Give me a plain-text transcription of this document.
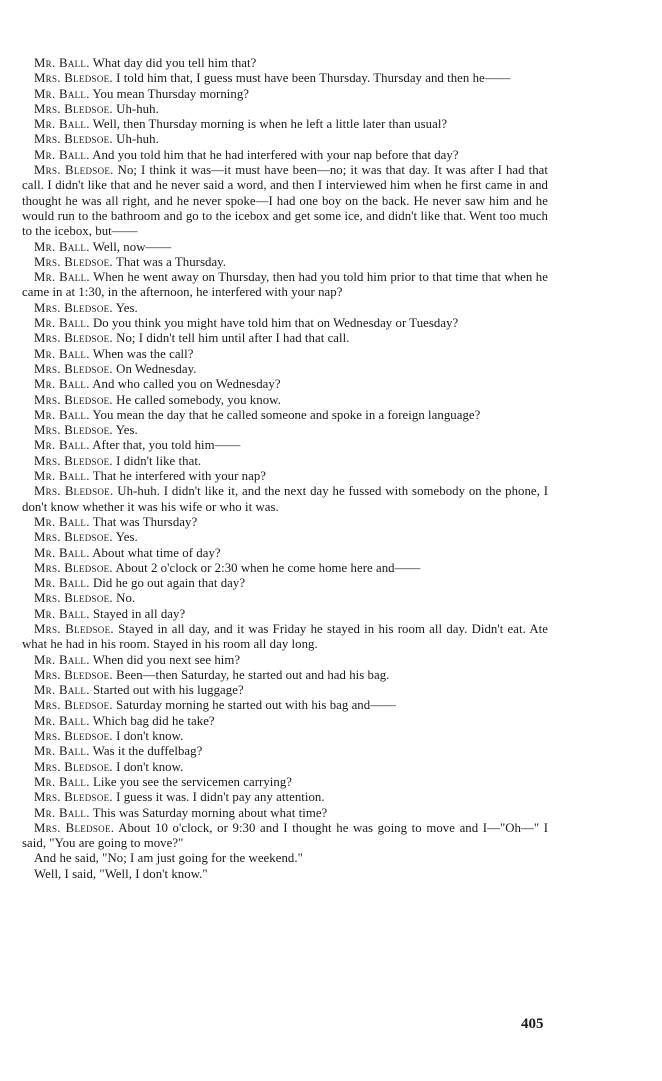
Mr. Ball. What day did you tell him that?

Mrs. Bledsoe. I told him that, I guess must have been Thursday. Thursday and then he——

Mr. Ball. You mean Thursday morning?

Mrs. Bledsoe. Uh-huh.

Mr. Ball. Well, then Thursday morning is when he left a little later than usual?

Mrs. Bledsoe. Uh-huh.

Mr. Ball. And you told him that he had interfered with your nap before that day?

Mrs. Bledsoe. No; I think it was—it must have been—no; it was that day. It was after I had that call. I didn't like that and he never said a word, and then I interviewed him when he first came in and thought he was all right, and he never spoke—I had one boy on the back. He never saw him and he would run to the bathroom and go to the icebox and get some ice, and didn't like that. Went too much to the icebox, but——

Mr. Ball. Well, now——

Mrs. Bledsoe. That was a Thursday.

Mr. Ball. When he went away on Thursday, then had you told him prior to that time that when he came in at 1:30, in the afternoon, he interfered with your nap?

Mrs. Bledsoe. Yes.

Mr. Ball. Do you think you might have told him that on Wednesday or Tuesday?

Mrs. Bledsoe. No; I didn't tell him until after I had that call.

Mr. Ball. When was the call?

Mrs. Bledsoe. On Wednesday.

Mr. Ball. And who called you on Wednesday?

Mrs. Bledsoe. He called somebody, you know.

Mr. Ball. You mean the day that he called someone and spoke in a foreign language?

Mrs. Bledsoe. Yes.

Mr. Ball. After that, you told him——

Mrs. Bledsoe. I didn't like that.

Mr. Ball. That he interfered with your nap?

Mrs. Bledsoe. Uh-huh. I didn't like it, and the next day he fussed with somebody on the phone, I don't know whether it was his wife or who it was.

Mr. Ball. That was Thursday?

Mrs. Bledsoe. Yes.

Mr. Ball. About what time of day?

Mrs. Bledsoe. About 2 o'clock or 2:30 when he come home here and——

Mr. Ball. Did he go out again that day?

Mrs. Bledsoe. No.

Mr. Ball. Stayed in all day?

Mrs. Bledsoe. Stayed in all day, and it was Friday he stayed in his room all day. Didn't eat. Ate what he had in his room. Stayed in his room all day long.

Mr. Ball. When did you next see him?

Mrs. Bledsoe. Been—then Saturday, he started out and had his bag.

Mr. Ball. Started out with his luggage?

Mrs. Bledsoe. Saturday morning he started out with his bag and——

Mr. Ball. Which bag did he take?

Mrs. Bledsoe. I don't know.

Mr. Ball. Was it the duffelbag?

Mrs. Bledsoe. I don't know.

Mr. Ball. Like you see the servicemen carrying?

Mrs. Bledsoe. I guess it was. I didn't pay any attention.

Mr. Ball. This was Saturday morning about what time?

Mrs. Bledsoe. About 10 o'clock, or 9:30 and I thought he was going to move and I—"Oh—" I said, "You are going to move?"

And he said, "No; I am just going for the weekend."

Well, I said, "Well, I don't know."

405
